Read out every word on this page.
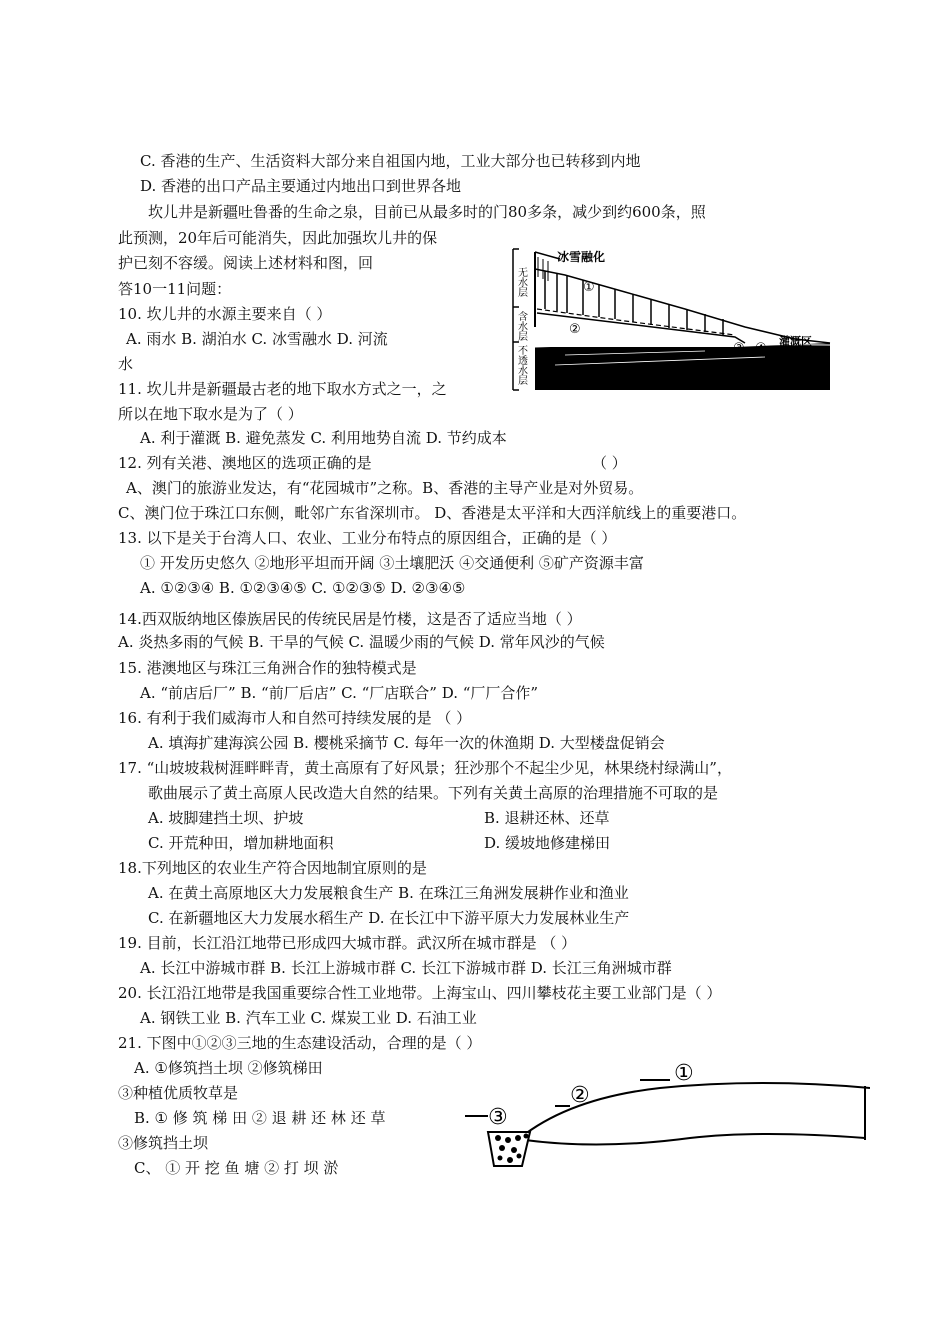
C. 香港的生产、生活资料大部分来自祖国内地，工业大部分也已转移到内地
D. 香港的出口产品主要通过内地出口到世界各地
坎儿井是新疆吐鲁番的生命之泉，目前已从最多时的门80多条，减少到约600条，照
此预测，20年后可能消失，因此加强坎儿井的保
护已刻不容缓。阅读上述材料和图，回
答10一11问题：
10. 坎儿井的水源主要来自（ ）
A. 雨水 B. 湖泊水 C. 冰雪融水 D. 河流
水
11. 坎儿井是新疆最古老的地下取水方式之一，之
所以在地下取水是为了（ ）
A. 利于灌溉 B. 避免蒸发 C. 利用地势自流 D. 节约成本
12. 列有关港、澳地区的选项正确的是	（ ）
A、澳门的旅游业发达，有“花园城市”之称。B、香港的主导产业是对外贸易。
C、澳门位于珠江口东侧，毗邻广东省深圳市。 D、香港是太平洋和大西洋航线上的重要港口。
13. 以下是关于台湾人口、农业、工业分布特点的原因组合，正确的是（ ）
① 开发历史悠久 ②地形平坦而开阔 ③土壤肥沃 ④交通便利 ⑤矿产资源丰富
A. ①②③④ B. ①②③④⑤ C. ①②③⑤ D. ②③④⑤
14.西双版纳地区傣族居民的传统民居是竹楼，这是否了适应当地（ ）
A. 炎热多雨的气候 B. 干旱的气候 C. 温暖少雨的气候 D. 常年风沙的气候
15. 港澳地区与珠江三角洲合作的独特模式是
A. “前店后厂” B. “前厂后店” C. “厂店联合” D. “厂厂合作”
16. 有利于我们威海市人和自然可持续发展的是 （ ）
A. 填海扩建海滨公园 B. 樱桃采摘节 C. 每年一次的休渔期 D. 大型楼盘促销会
17. “山坡坡栽树涯畔畔青，黄土高原有了好风景；狂沙那个不起尘少见，林果绕村绿满山”，
歌曲展示了黄土高原人民改造大自然的结果。下列有关黄土高原的治理措施不可取的是
A. 坡脚建挡土坝、护坡	B. 退耕还林、还草
C. 开荒种田，增加耕地面积	D. 缓坡地修建梯田
18.下列地区的农业生产符合因地制宜原则的是
A. 在黄土高原地区大力发展粮食生产 B. 在珠江三角洲发展耕作业和渔业
C. 在新疆地区大力发展水稻生产 D. 在长江中下游平原大力发展林业生产
19. 目前，长江沿江地带已形成四大城市群。武汉所在城市群是 （ ）
A. 长江中游城市群 B. 长江上游城市群 C. 长江下游城市群 D. 长江三角洲城市群
20. 长江沿江地带是我国重要综合性工业地带。上海宝山、四川攀枝花主要工业部门是（ ）
A. 钢铁工业 B. 汽车工业 C. 煤炭工业 D. 石油工业
21. 下图中①②③三地的生态建设活动，合理的是（ ）
A. ①修筑挡土坝 ②修筑梯田
③种植优质牧草是
B. ① 修 筑 梯 田 ② 退 耕 还 林 还 草
③修筑挡土坝
C、 ① 开 挖 鱼 塘 ② 打 坝 淤
无水层
含水层
不透水层
冰雪融化
①
②
③ ④ 灌溉区
①
②
③
